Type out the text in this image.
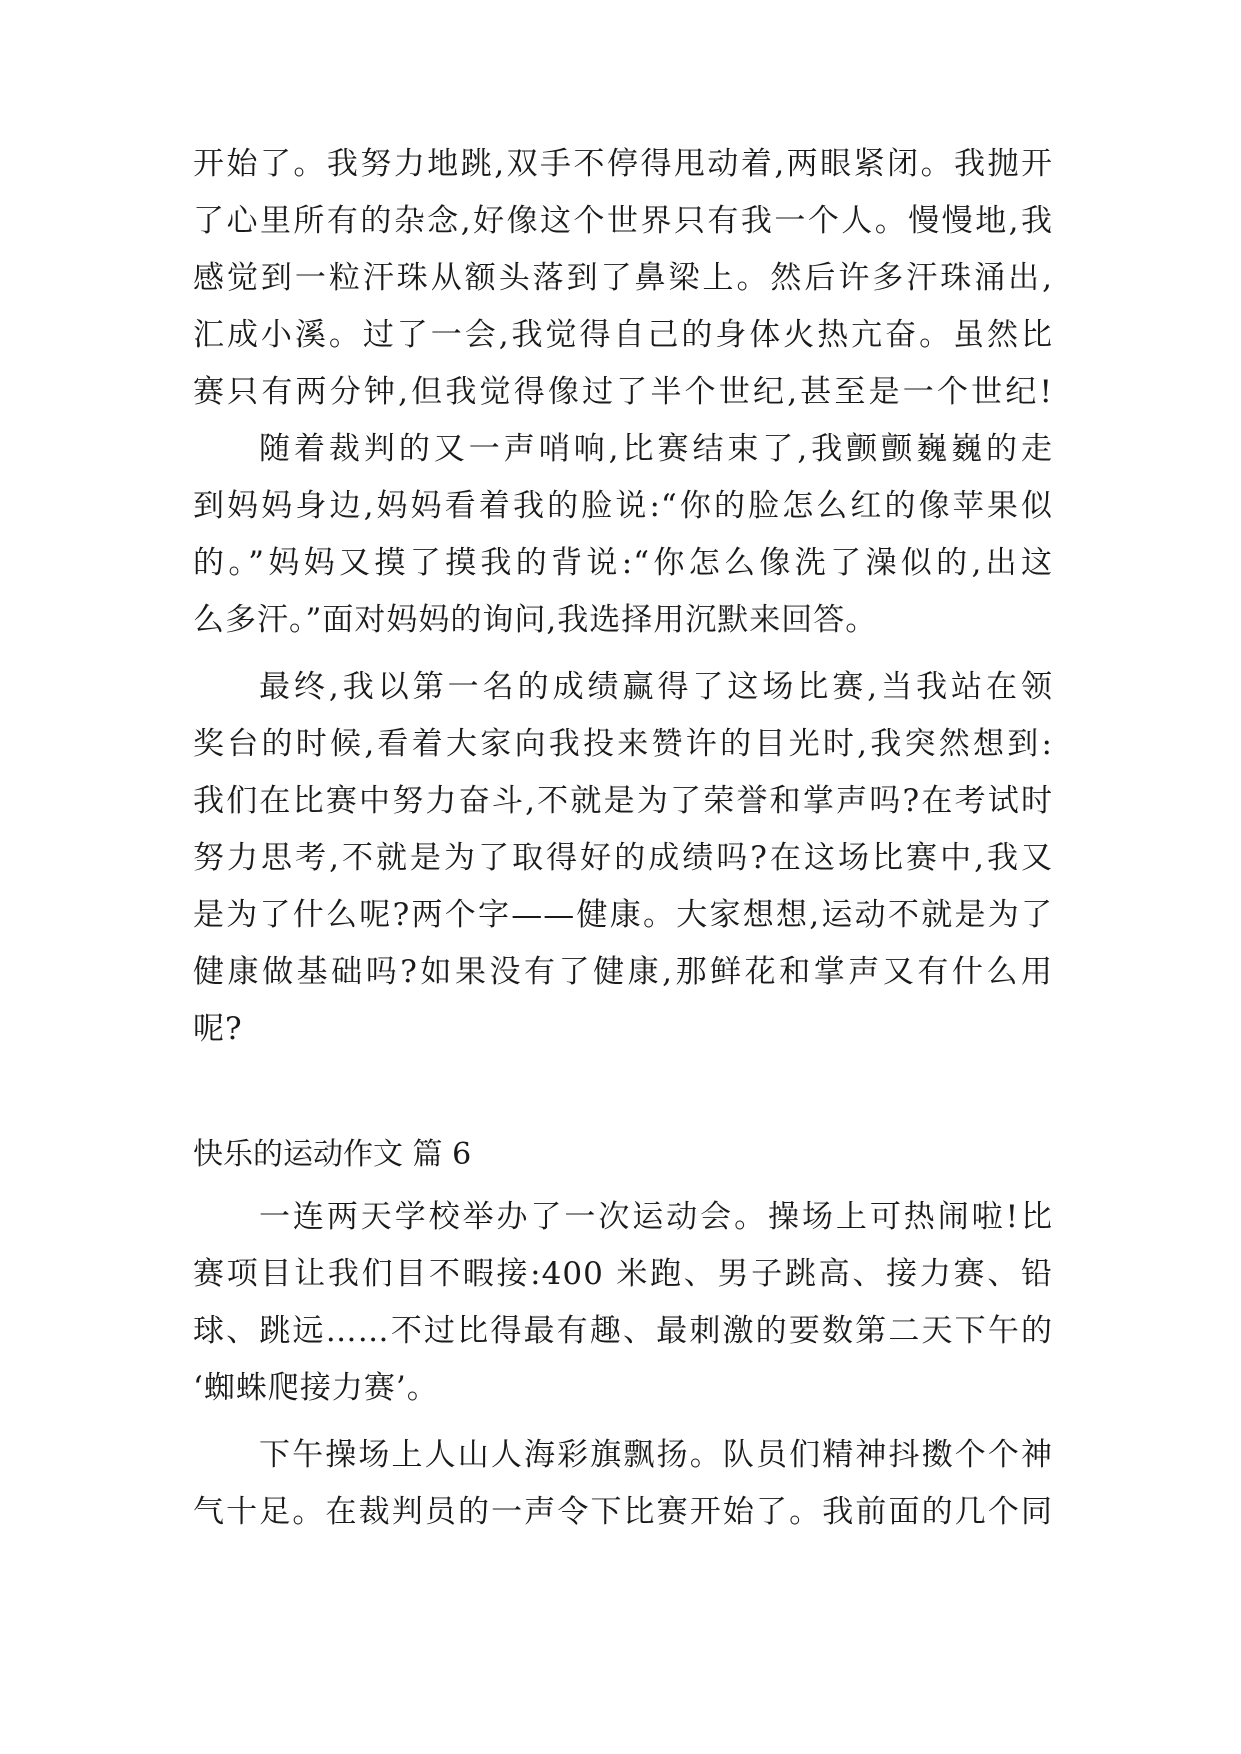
开始了。我努力地跳,双手不停得甩动着,两眼紧闭。我抛开
了心里所有的杂念,好像这个世界只有我一个人。慢慢地,我
感觉到一粒汗珠从额头落到了鼻梁上。然后许多汗珠涌出,
汇成小溪。过了一会,我觉得自己的身体火热亢奋。虽然比
赛只有两分钟,但我觉得像过了半个世纪,甚至是一个世纪!
随着裁判的又一声哨响,比赛结束了,我颤颤巍巍的走
到妈妈身边,妈妈看着我的脸说:“你的脸怎么红的像苹果似
的。”妈妈又摸了摸我的背说:“你怎么像洗了澡似的,出这
么多汗。”面对妈妈的询问,我选择用沉默来回答。
最终,我以第一名的成绩赢得了这场比赛,当我站在领
奖台的时候,看着大家向我投来赞许的目光时,我突然想到:
我们在比赛中努力奋斗,不就是为了荣誉和掌声吗?在考试时
努力思考,不就是为了取得好的成绩吗?在这场比赛中,我又
是为了什么呢?两个字——健康。大家想想,运动不就是为了
健康做基础吗?如果没有了健康,那鲜花和掌声又有什么用
呢?
快乐的运动作文 篇 6
一连两天学校举办了一次运动会。操场上可热闹啦!比
赛项目让我们目不暇接:400 米跑、男子跳高、接力赛、铅
球、跳远……不过比得最有趣、最刺激的要数第二天下午的
‘蜘蛛爬接力赛’。
下午操场上人山人海彩旗飘扬。队员们精神抖擞个个神
气十足。在裁判员的一声令下比赛开始了。我前面的几个同
